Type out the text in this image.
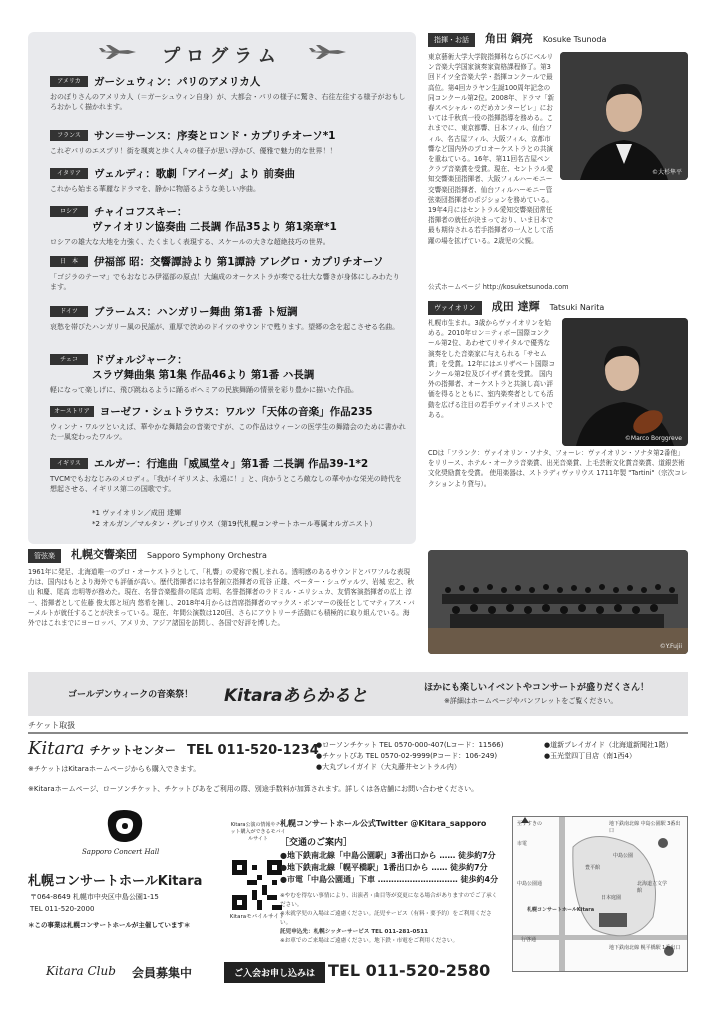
プログラム
アメリカ	ガーシュウィン：パリのアメリカ人
おのぼりさんのアメリカ人（＝ガーシュウィン自身）が、大都会・パリの様子に驚き、右往左往する様子がおもしろおかしく描かれます。
フランス	サン＝サーンス：序奏とロンド・カプリチオーソ*1
これぞパリのエスプリ！街を颯爽と歩く人々の様子が思い浮かび、優雅で魅力的な世界！！
イタリア	ヴェルディ：歌劇「アイーダ」より 前奏曲
これから始まる華麗なドラマを、静かに物語るような美しい序曲。
ロシア	チャイコフスキー：
ヴァイオリン協奏曲 二長調 作品35より 第1楽章*1
ロシアの雄大な大地を力強く、たくましく表現する、スケールの大きな超絶技巧の世界。
日　本	伊福部 昭：交響譚詩より 第1譚詩 アレグロ・カプリチオーソ
「ゴジラのテーマ」でもおなじみ伊福部の原点！大編成のオーケストラが奏でる壮大な響きが身体にしみわたります。
ドイツ	ブラームス：ハンガリー舞曲 第1番 ト短調
哀愁を帯びたハンガリー風の民謡が、重厚で渋めのドイツのサウンドで甦ります。望郷の念を起こさせる名曲。
チェコ	ドヴォルジャーク：
スラヴ舞曲集 第1集 作品46より 第1番 ハ長調
軽になって楽しげに、飛び跳ねるように踊るボヘミアの民族舞踊の情景を彩り豊かに描いた作品。
オーストリア ヨーゼフ・シュトラウス：ワルツ「天体の音楽」作品235
ウィンナ・ワルツといえば、華やかな舞踏会の音楽ですが、この作品はウィーンの医学生の舞踏会のために書かれた一風変わったワルツ。
イギリス	エルガー：行進曲「威風堂々」第1番 二長調 作品39-1*2
TVCMでもおなじみのメロディ。「我がイギリスよ、永遠に！」と、向かうところ敵なしの華やかな栄光の時代を想起させる、イギリス第二の国歌です。
*1 ヴァイオリン／成田 達輝
*2 オルガン／マルタン・グレゴリウス（第19代札幌コンサートホール専属オルガニスト）
指揮・お話	角田 鋼亮 Kosuke Tsunoda
©大杉隼平
東京藝術大学大学院指揮科ならびにベルリン音楽大学国家演奏家資格課程修了。第3回ドイツ全音楽大学・指揮コンクールで最高位。第4回カラヤン生誕100周年記念の同コンクール第2位。2008年、ドラマ「新春スペシャル・のだめカンタービレ」においては千秋真一役の指揮指導を務める。これまでに、東京都響、日本フィル、仙台フィル、名古屋フィル、大阪フィル、京都市響など国内外のプロオーケストラとの共演を重ねている。16年、第11回名古屋ペンクラブ音楽賞を受賞。現在、セントラル愛知交響楽団指揮者、大阪フィルハーモニー交響楽団指揮者、仙台フィルハーモニー管弦楽団指揮者のポジションを務めている。19年4月にはセントラル愛知交響楽団常任指揮者の就任が決まっており、いま日本で最も期待される若手指揮者の一人として活躍の場を拡げている。2歳児の父親。
公式ホームページ http://kosuketsunoda.com
ヴァイオリン	成田 達輝 Tatsuki Narita
©Marco Borggreve
札幌市生まれ。3歳からヴァイオリンを始める。2010年ロン＝ティボー国際コンクール第2位、あわせてリサイタルで優秀な演奏をした音楽家に与えられる「サセム賞」を受賞。12年にはエリザベート国際コンクール第2位及びイザイ賞を受賞。 国内外の指揮者、オーケストラと共演し高い評価を得るとともに、室内楽奏者としても活動を広げる注目の若手ヴァイオリニストである。
CDは「フランク：ヴァイオリン・ソナタ、フォーレ：ヴァイオリン・ソナタ第2番他」をリリース、ホテル・オークラ音楽賞、出光音楽賞、上毛芸術文化賞音楽賞、道銀芸術文化奨励賞を受賞。 使用楽器は、ストラディヴァリウス 1711年製 "Tartini"（宗次コレクションより貸与）。
管弦楽	札幌交響楽団 Sapporo Symphony Orchestra
1961年に発足、北海道唯一のプロ・オーケストラとして、「札響」の愛称で親しまれる。透明感のあるサウンドとパワフルな表現力は、国内はもとより海外でも評価が高い。歴代指揮者には名誉創立指揮者の荒谷 正雄、ペーター・シュヴァルツ、岩城 宏之、秋山 和慶、尾高 忠明等が務めた。現在、名誉音楽監督の尾高 忠明、名誉指揮者のラドミル・エリシュカ、友情客演指揮者の広上 淳一、指揮者として佐藤 俊太郎と垣内 悠希を擁し、2018年4月からは首席指揮者のマックス・ポンマーの後任としてマティアス・バーメルトが就任することが決まっている。現在、年間公演数は120回、さらにアウトリーチ活動にも積極的に取り組んでいる。海外ではこれまでにヨーロッパ、アメリカ、アジア諸国を訪問し、各国で好評を博した。
©Y.Fujii
ゴールデンウィークの音楽祭！ Kitaraあらかると	ほかにも楽しいイベントやコンサートが盛りだくさん！
※詳細はホームページやパンフレットをご覧ください。
チケット取扱
Kitara チケットセンター TEL 011-520-1234
※チケットはKitaraホームページからも購入できます。
●ローソンチケット TEL 0570-000-407(Lコード：11566)
●チケットぴあ TEL 0570-02-9999(Pコード：106-249)
●大丸プレイガイド（大丸藤井セントラル内）
●道新プレイガイド（北海道新聞社1階）
●玉光堂四丁目店（南1西4）
※Kitaraホームページ、ローソンチケット、チケットぴあをご利用の際、別途手数料が加算されます。詳しくは各店舗にお問い合わせください。
Sapporo Concert Hall
札幌コンサートホールKitara
〒064-8649 札幌市中央区中島公園1-15
TEL 011-520-2000
＊この事業は札幌コンサートホールが主催しています＊
Kitara公演の情報やチケット購入ができるモバイルサイト
Kitaraモバイルサイト
札幌コンサートホール公式Twitter @Kitara_sapporo
［交通のご案内］
●地下鉄南北線「中島公園駅」3番出口から …… 徒歩約7分
●地下鉄南北線「幌平橋駅」1番出口から …… 徒歩約7分
●市電「中島公園通」下車 ………………………… 徒歩約4分
※やむを得ない事情により、出演者・曲目等が変更になる場合がありますのでご了承ください。
※未就学児の入場はご遠慮ください。託児サービス（有料・要予約）をご利用ください。
託児申込先：札幌シッターサービス TEL 011-281-0511
※お車でのご来場はご遠慮ください。地下鉄・市電をご利用ください。
至すすきの	地下鉄南北線 中島公園駅 3番出口
市電
中島公園通
中島公園
豊平館
日本庭園
北海道立文学館
札幌コンサートホールKitara
行啓通
地下鉄南北線 幌平橋駅 1番出口
Kitara Club 会員募集中	ご入会お申し込みは TEL 011-520-2580
